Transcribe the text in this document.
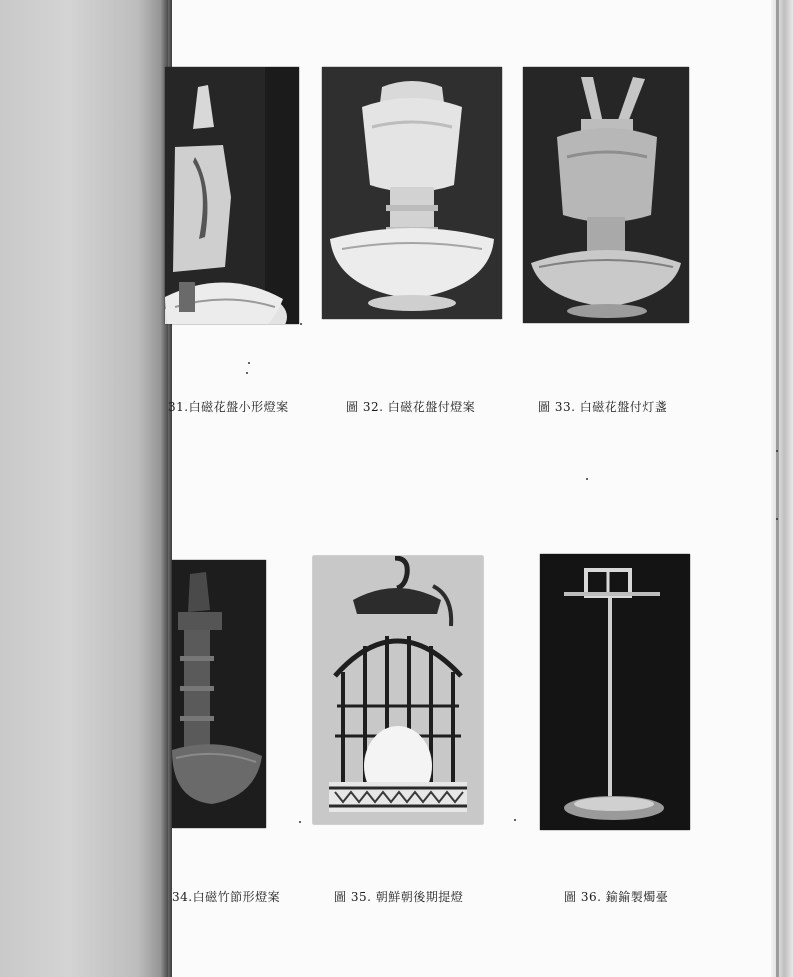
31.白磁花盤小形燈案	圖 32. 白磁花盤付燈案	圖 33. 白磁花盤付灯盞
34.白磁竹節形燈案	圖 35. 朝鮮朝後期提燈	圖 36. 鍮鍮製燭臺
